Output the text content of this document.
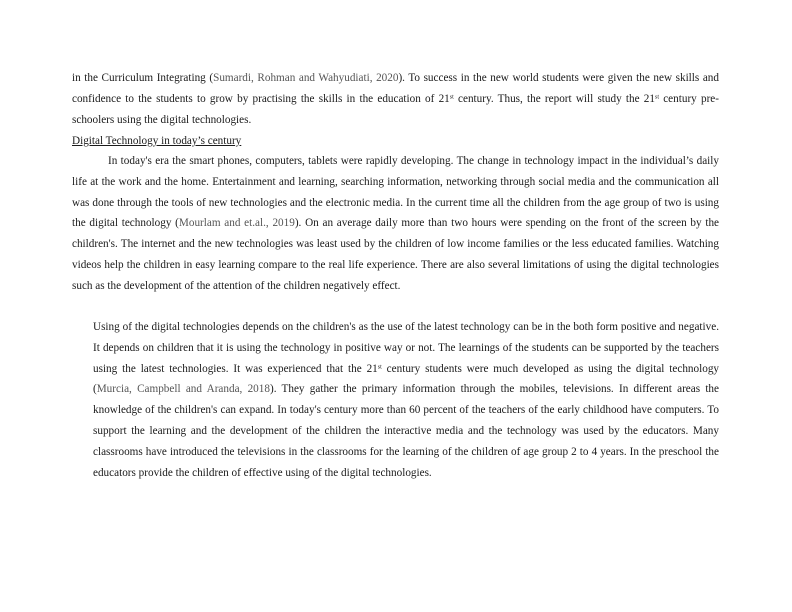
in the Curriculum Integrating (Sumardi, Rohman and Wahyudiati, 2020). To success in the new world students were given the new skills and confidence to the students to grow by practising the skills in the education of 21st century. Thus, the report will study the 21st century pre-schoolers using the digital technologies.

Digital Technology in today’s century

In today's era the smart phones, computers, tablets were rapidly developing. The change in technology impact in the individual’s daily life at the work and the home. Entertainment and learning, searching information, networking through social media and the communication all was done through the tools of new technologies and the electronic media. In the current time all the children from the age group of two is using the digital technology (Mourlam and et.al., 2019). On an average daily more than two hours were spending on the front of the screen by the children's. The internet and the new technologies was least used by the children of low income families or the less educated families. Watching videos help the children in easy learning compare to the real life experience. There are also several limitations of using the digital technologies such as the development of the attention of the children negatively effect.

Using of the digital technologies depends on the children's as the use of the latest technology can be in the both form positive and negative. It depends on children that it is using the technology in positive way or not. The learnings of the students can be supported by the teachers using the latest technologies. It was experienced that the 21st century students were much developed as using the digital technology (Murcia, Campbell and Aranda, 2018). They gather the primary information through the mobiles, televisions. In different areas the knowledge of the children's can expand. In today's century more than 60 percent of the teachers of the early childhood have computers. To support the learning and the development of the children the interactive media and the technology was used by the educators. Many classrooms have introduced the televisions in the classrooms for the learning of the children of age group 2 to 4 years. In the preschool the educators provide the children of effective using of the digital technologies.
